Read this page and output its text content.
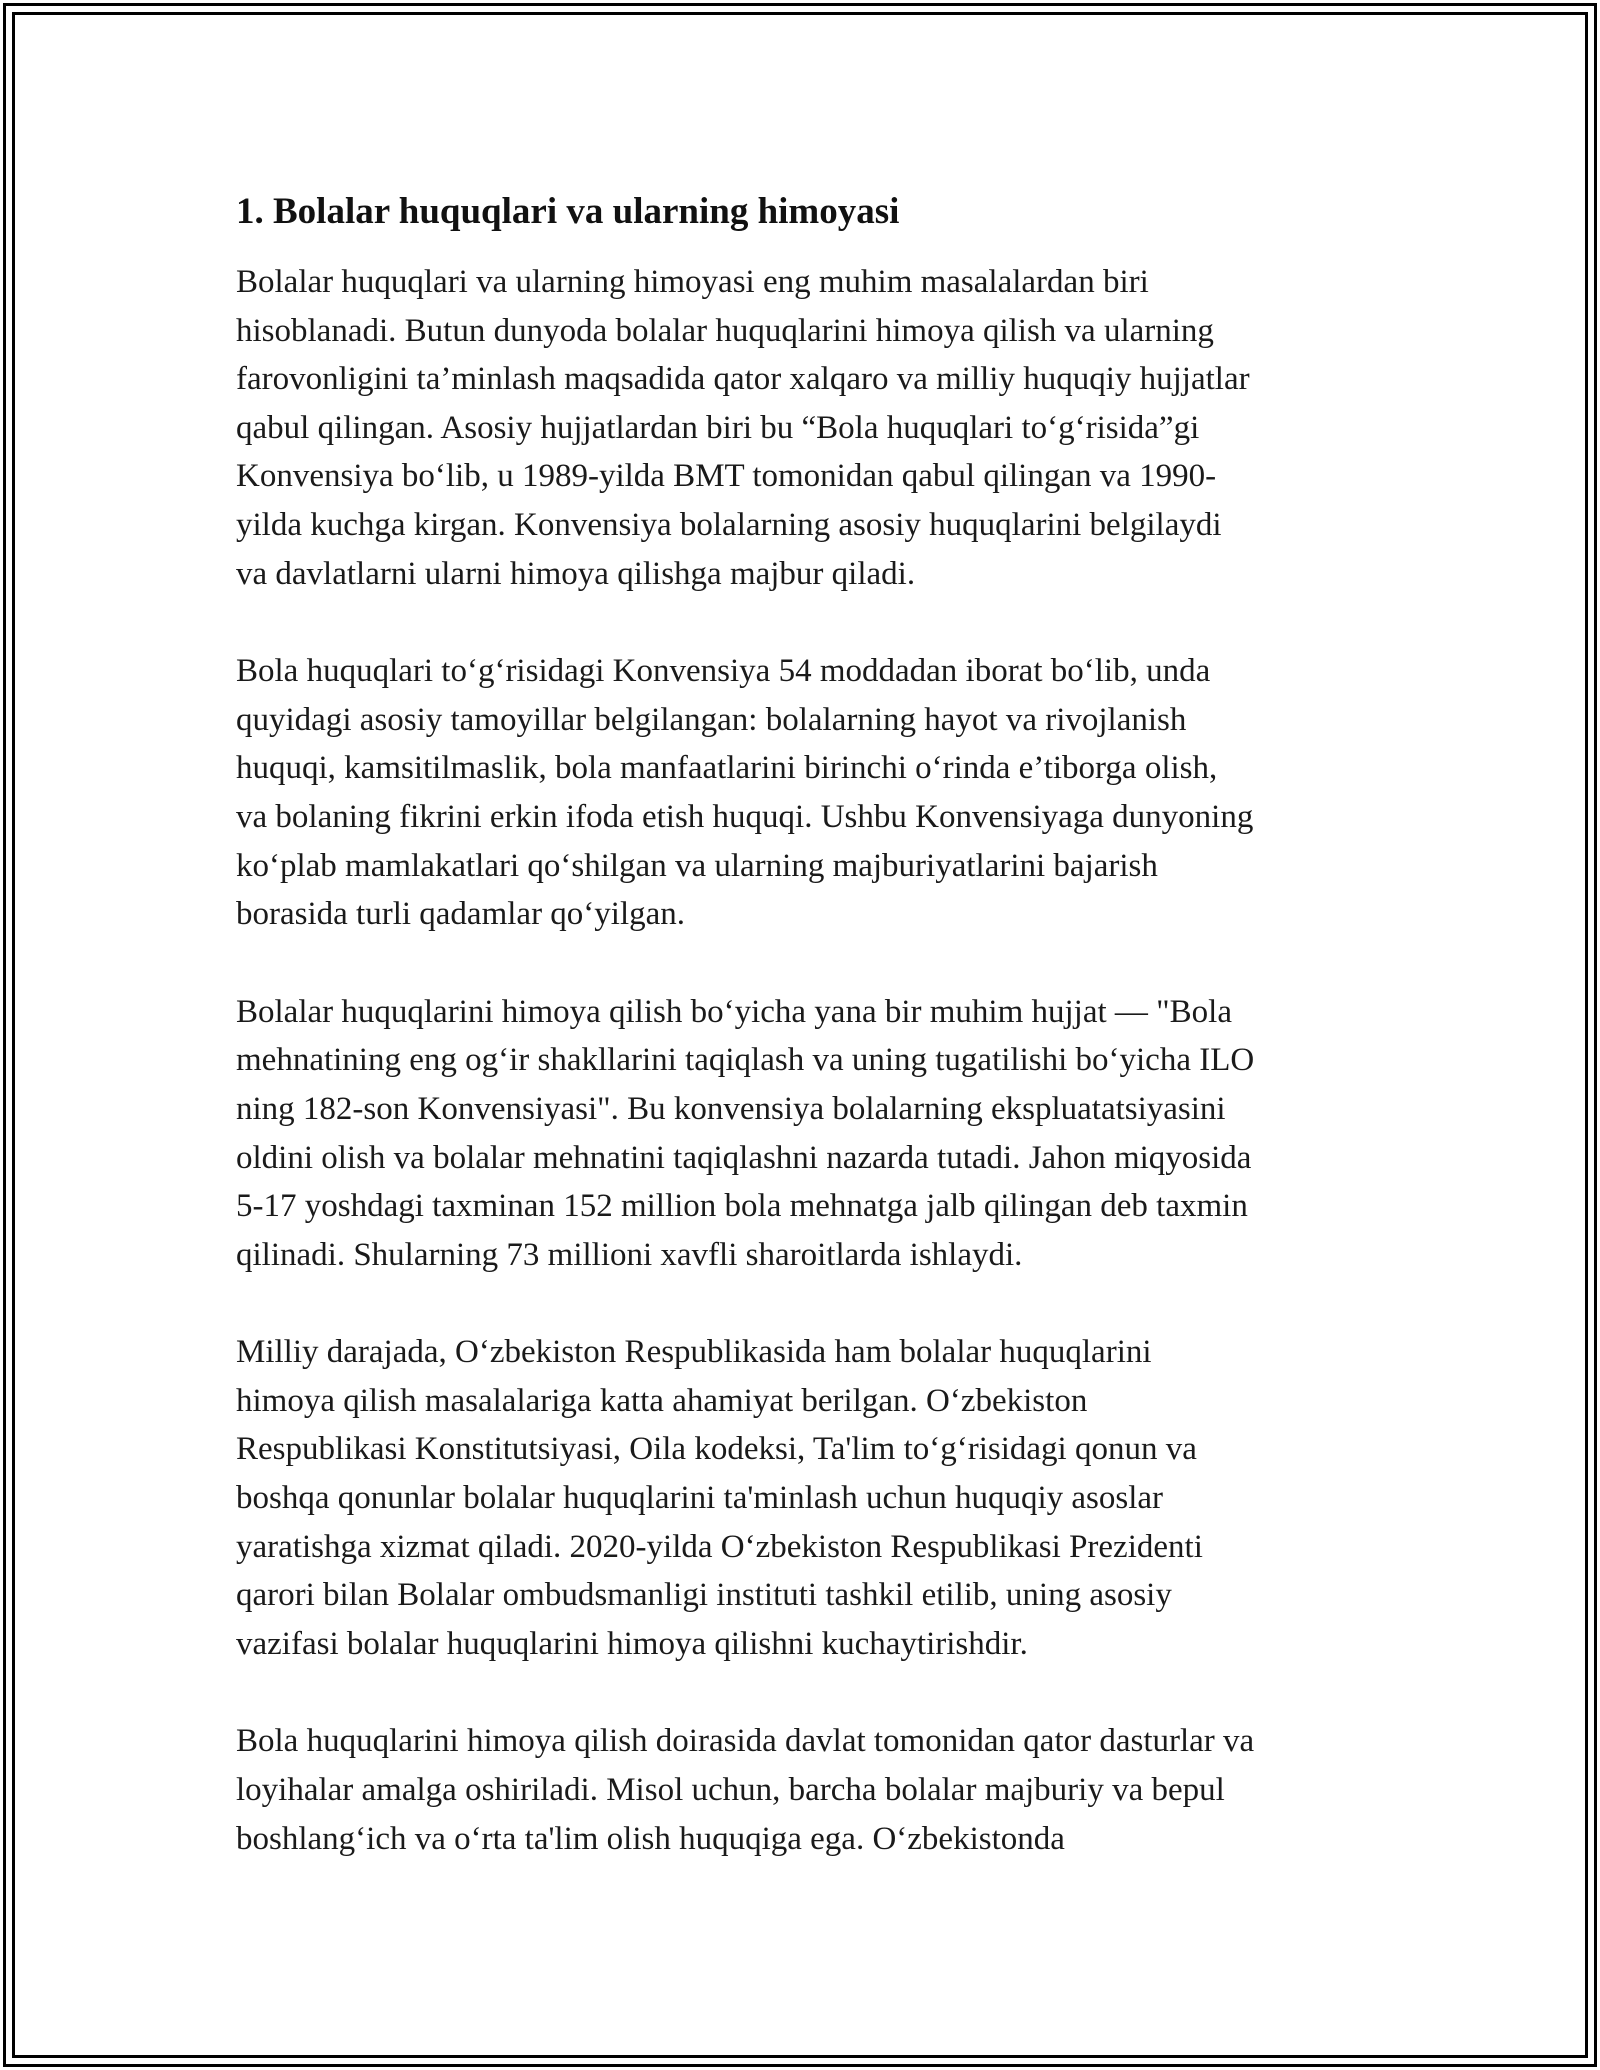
1. Bolalar huquqlari va ularning himoyasi

Bolalar huquqlari va ularning himoyasi eng muhim masalalardan biri
hisoblanadi. Butun dunyoda bolalar huquqlarini himoya qilish va ularning
farovonligini ta’minlash maqsadida qator xalqaro va milliy huquqiy hujjatlar
qabul qilingan. Asosiy hujjatlardan biri bu “Bola huquqlari to‘g‘risida”gi
Konvensiya bo‘lib, u 1989-yilda BMT tomonidan qabul qilingan va 1990-
yilda kuchga kirgan. Konvensiya bolalarning asosiy huquqlarini belgilaydi
va davlatlarni ularni himoya qilishga majbur qiladi.

Bola huquqlari to‘g‘risidagi Konvensiya 54 moddadan iborat bo‘lib, unda
quyidagi asosiy tamoyillar belgilangan: bolalarning hayot va rivojlanish
huquqi, kamsitilmaslik, bola manfaatlarini birinchi o‘rinda e’tiborga olish,
va bolaning fikrini erkin ifoda etish huquqi. Ushbu Konvensiyaga dunyoning
ko‘plab mamlakatlari qo‘shilgan va ularning majburiyatlarini bajarish
borasida turli qadamlar qo‘yilgan.

Bolalar huquqlarini himoya qilish bo‘yicha yana bir muhim hujjat — "Bola
mehnatining eng og‘ir shakllarini taqiqlash va uning tugatilishi bo‘yicha ILO
ning 182-son Konvensiyasi". Bu konvensiya bolalarning ekspluatatsiyasini
oldini olish va bolalar mehnatini taqiqlashni nazarda tutadi. Jahon miqyosida
5-17 yoshdagi taxminan 152 million bola mehnatga jalb qilingan deb taxmin
qilinadi. Shularning 73 millioni xavfli sharoitlarda ishlaydi.

Milliy darajada, O‘zbekiston Respublikasida ham bolalar huquqlarini
himoya qilish masalalariga katta ahamiyat berilgan. O‘zbekiston
Respublikasi Konstitutsiyasi, Oila kodeksi, Ta'lim to‘g‘risidagi qonun va
boshqa qonunlar bolalar huquqlarini ta'minlash uchun huquqiy asoslar
yaratishga xizmat qiladi. 2020-yilda O‘zbekiston Respublikasi Prezidenti
qarori bilan Bolalar ombudsmanligi instituti tashkil etilib, uning asosiy
vazifasi bolalar huquqlarini himoya qilishni kuchaytirishdir.

Bola huquqlarini himoya qilish doirasida davlat tomonidan qator dasturlar va
loyihalar amalga oshiriladi. Misol uchun, barcha bolalar majburiy va bepul
boshlang‘ich va o‘rta ta'lim olish huquqiga ega. O‘zbekistonda
